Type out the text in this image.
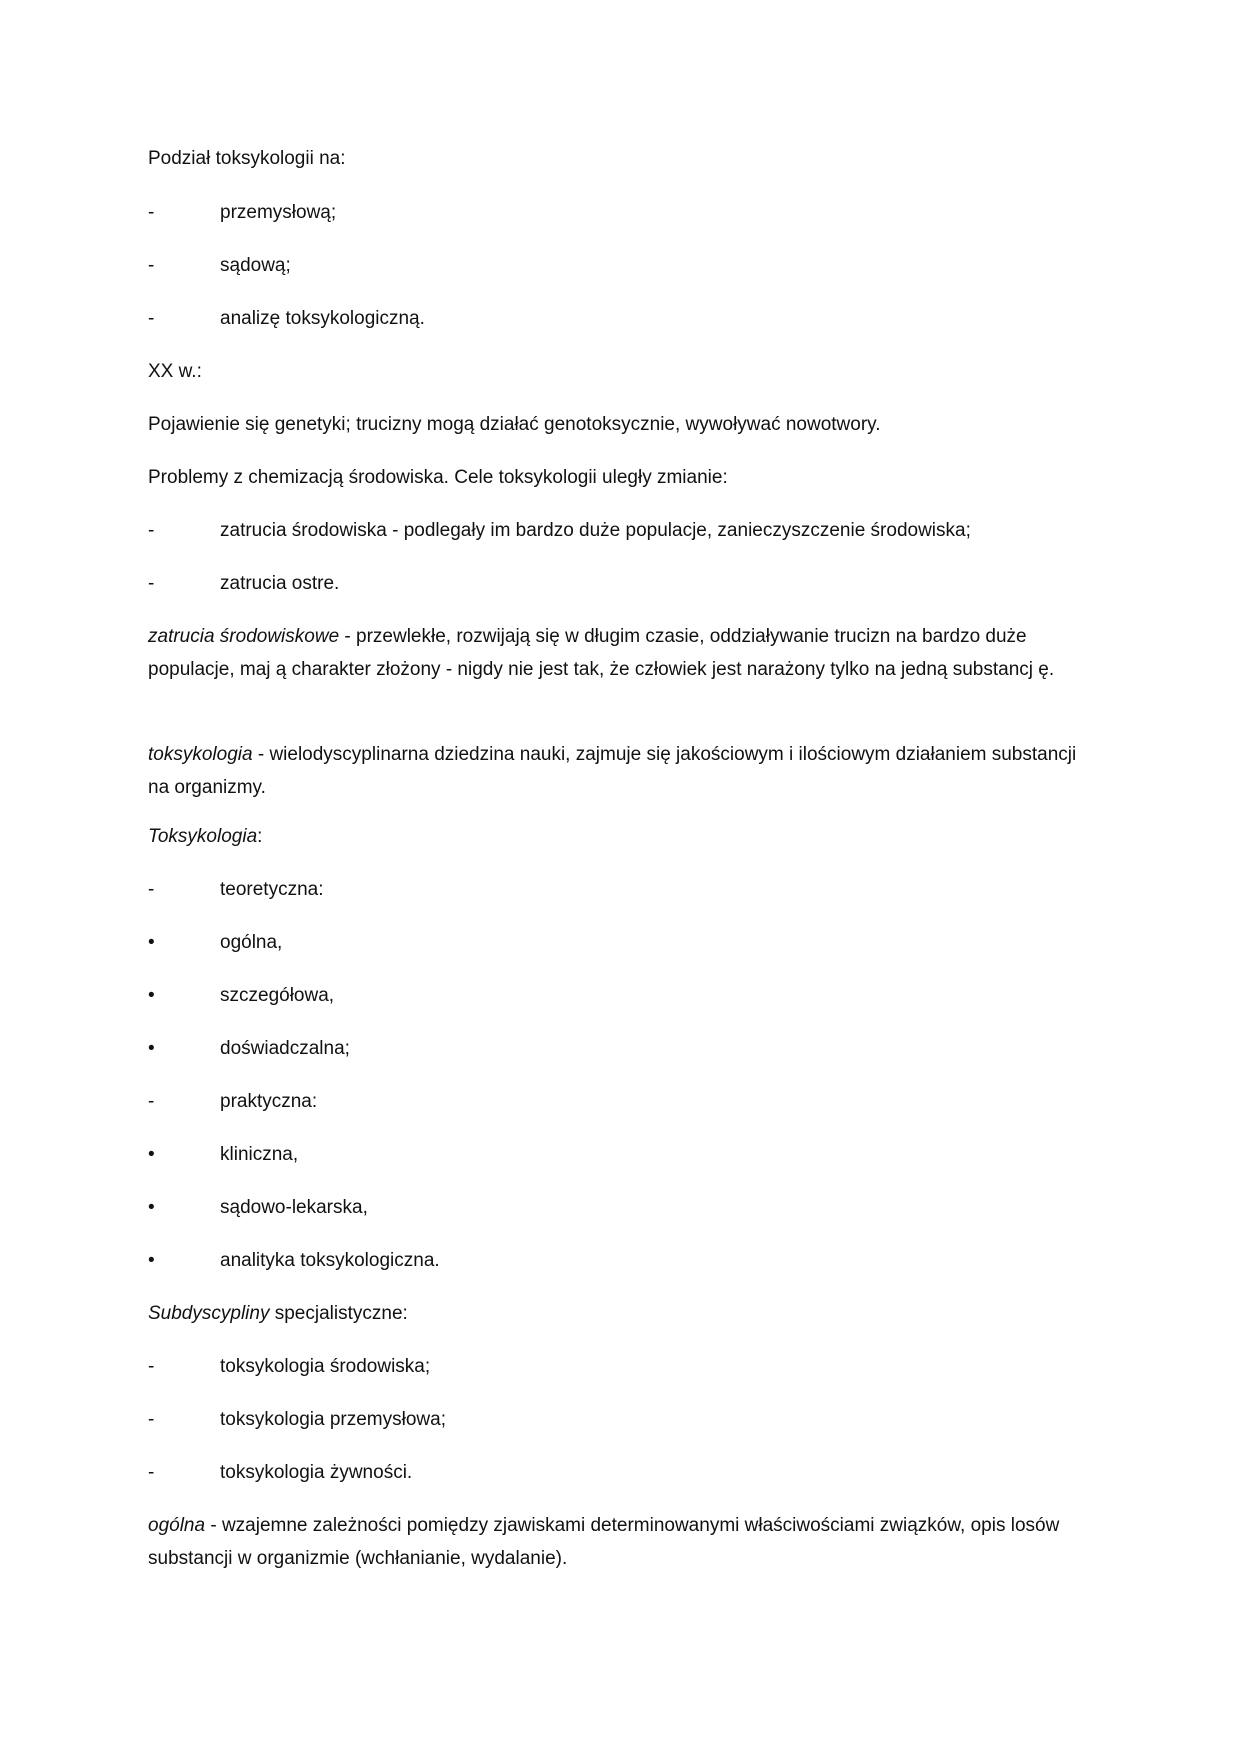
Podział toksykologii na:
-	przemysłową;
-	sądową;
-	analizę toksykologiczną.
XX w.:
Pojawienie się genetyki; trucizny mogą działać genotoksycznie, wywoływać nowotwory.
Problemy z chemizacją środowiska. Cele toksykologii uległy zmianie:
-	zatrucia środowiska - podlegały im bardzo duże populacje, zanieczyszczenie środowiska;
-	zatrucia ostre.
zatrucia środowiskowe - przewlekłe, rozwijają się w długim czasie, oddziaływanie trucizn na bardzo duże populacje, maj ą charakter złożony - nigdy nie jest tak, że człowiek jest narażony tylko na jedną substancj ę.
toksykologia - wielodyscyplinarna dziedzina nauki, zajmuje się jakościowym i ilościowym działaniem substancji na organizmy.
Toksykologia:
-	teoretyczna:
•	ogólna,
•	szczegółowa,
•	doświadczalna;
-	praktyczna:
•	kliniczna,
•	sądowo-lekarska,
•	analityka toksykologiczna.
Subdyscypliny specjalistyczne:
-	toksykologia środowiska;
-	toksykologia przemysłowa;
-	toksykologia żywności.
ogólna - wzajemne zależności pomiędzy zjawiskami determinowanymi właściwościami związków, opis losów substancji w organizmie (wchłanianie, wydalanie).
